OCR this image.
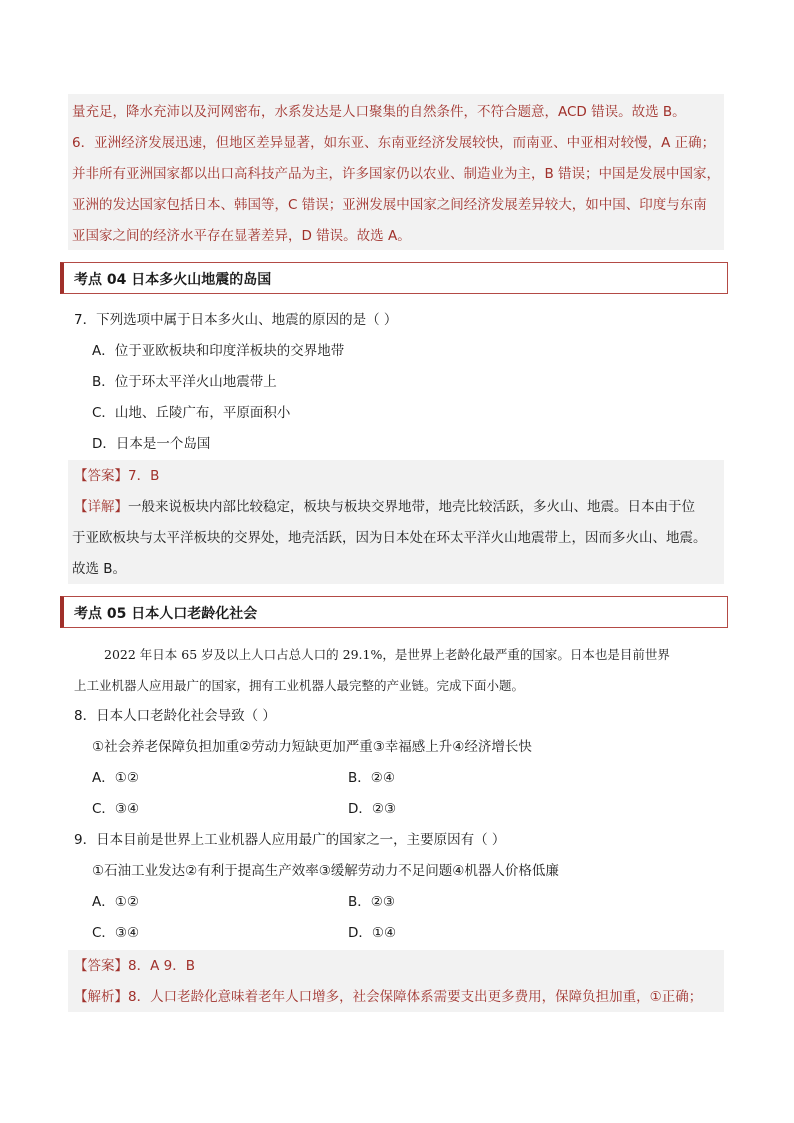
量充足，降水充沛以及河网密布，水系发达是人口聚集的自然条件，不符合题意，ACD 错误。故选 B。
6．亚洲经济发展迅速，但地区差异显著，如东亚、东南亚经济发展较快，而南亚、中亚相对较慢，A 正确；
并非所有亚洲国家都以出口高科技产品为主，许多国家仍以农业、制造业为主，B 错误；中国是发展中国家，
亚洲的发达国家包括日本、韩国等，C 错误；亚洲发展中国家之间经济发展差异较大，如中国、印度与东南
亚国家之间的经济水平存在显著差异，D 错误。故选 A。
考点 04 日本多火山地震的岛国
7．下列选项中属于日本多火山、地震的原因的是（ ）
A．位于亚欧板块和印度洋板块的交界地带
B．位于环太平洋火山地震带上
C．山地、丘陵广布，平原面积小
D．日本是一个岛国
【答案】7．B
【详解】一般来说板块内部比较稳定，板块与板块交界地带，地壳比较活跃，多火山、地震。日本由于位
于亚欧板块与太平洋板块的交界处，地壳活跃，因为日本处在环太平洋火山地震带上，因而多火山、地震。
故选 B。
考点 05 日本人口老龄化社会
2022 年日本 65 岁及以上人口占总人口的 29.1%，是世界上老龄化最严重的国家。日本也是目前世界
上工业机器人应用最广的国家，拥有工业机器人最完整的产业链。完成下面小题。
8．日本人口老龄化社会导致（ ）
①社会养老保障负担加重②劳动力短缺更加严重③幸福感上升④经济增长快
A．①②	B．②④
C．③④	D．②③
9．日本目前是世界上工业机器人应用最广的国家之一，主要原因有（ ）
①石油工业发达②有利于提高生产效率③缓解劳动力不足问题④机器人价格低廉
A．①②	B．②③
C．③④	D．①④
【答案】8．A 9．B
【解析】8．人口老龄化意味着老年人口增多，社会保障体系需要支出更多费用，保障负担加重，①正确；
